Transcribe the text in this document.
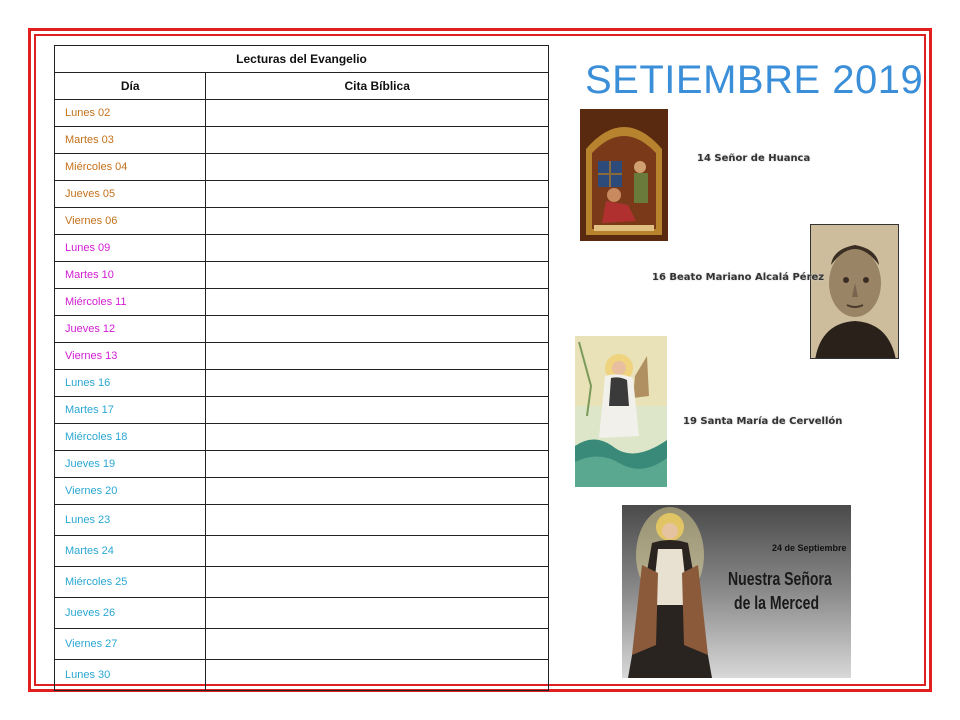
Lecturas del Evangelio	
Día	Cita Bíblica
Lunes 02	
Martes 03	
Miércoles 04	
Jueves 05	
Viernes 06	
Lunes 09	
Martes 10	
Miércoles 11	
Jueves 12	
Viernes 13	
Lunes 16	
Martes 17	
Miércoles 18	
Jueves 19	
Viernes 20	
Lunes 23	
Martes 24	
Miércoles 25	
Jueves 26	
Viernes 27	
Lunes 30	
SETIEMBRE 2019
14 Señor de Huanca
16 Beato Mariano Alcalá Pérez
19 Santa María de Cervellón
24 de Septiembre
Nuestra Señora
de la Merced
